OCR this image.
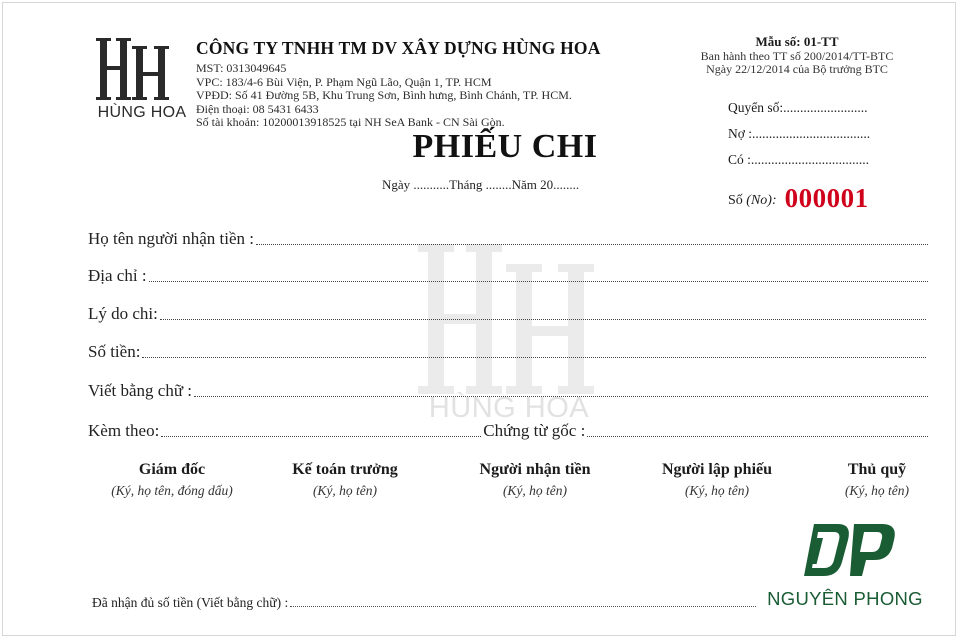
HÙNG HOA
CÔNG TY TNHH TM DV XÂY DỰNG HÙNG HOA
MST: 0313049645
VPC: 183/4-6 Bùi Viện, P. Phạm Ngũ Lão, Quận 1, TP. HCM
VPĐD: Số 41 Đường 5B, Khu Trung Sơn, Bình hưng, Bình Chánh, TP. HCM.
Điện thoại: 08 5431 6433
Số tài khoản: 10200013918525 tại NH SeA Bank - CN Sài Gòn.
Mẫu số: 01-TT
Ban hành theo TT số 200/2014/TT-BTC
Ngày 22/12/2014 của Bộ trưởng BTC
Quyển số:.........................
Nợ :...................................
Có :...................................
Số (No): 000001
PHIẾU CHI
Ngày ...........Tháng ........Năm 20........
HÙNG HOA
Họ tên người nhận tiền :
Địa chỉ :
Lý do chi:
Số tiền:
Viết bằng chữ :
Kèm theo:	Chứng từ gốc :
Giám đốc
(Ký, họ tên, đóng dấu)
Kế toán trưởng
(Ký, họ tên)
Người nhận tiền
(Ký, họ tên)
Người lập phiếu
(Ký, họ tên)
Thủ quỹ
(Ký, họ tên)
Đã nhận đủ số tiền (Viết bằng chữ) :	NGUYÊN PHONG
